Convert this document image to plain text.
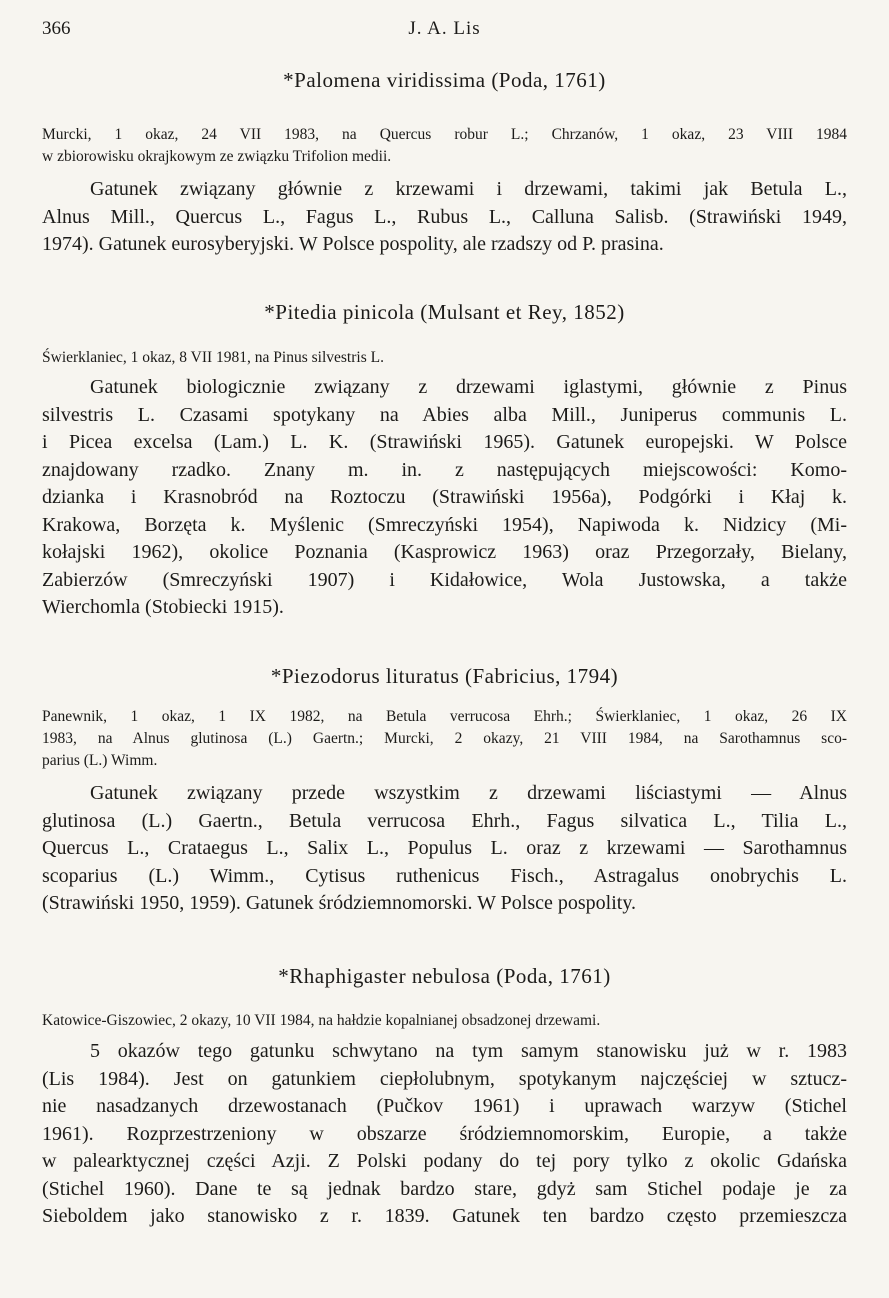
366	J. A. Lis
*Palomena viridissima (Poda, 1761)
Murcki, 1 okaz, 24 VII 1983, na Quercus robur L.; Chrzanów, 1 okaz, 23 VIII 1984
w zbiorowisku okrajkowym ze związku Trifolion medii.
Gatunek związany głównie z krzewami i drzewami, takimi jak Betula L.,
Alnus Mill., Quercus L., Fagus L., Rubus L., Calluna Salisb. (Strawiński 1949,
1974). Gatunek eurosyberyjski. W Polsce pospolity, ale rzadszy od P. prasina.
*Pitedia pinicola (Mulsant et Rey, 1852)
Świerklaniec, 1 okaz, 8 VII 1981, na Pinus silvestris L.
Gatunek biologicznie związany z drzewami iglastymi, głównie z Pinus
silvestris L. Czasami spotykany na Abies alba Mill., Juniperus communis L.
i Picea excelsa (Lam.) L. K. (Strawiński 1965). Gatunek europejski. W Polsce
znajdowany rzadko. Znany m. in. z następujących miejscowości: Komo-
dzianka i Krasnobród na Roztoczu (Strawiński 1956a), Podgórki i Kłaj k.
Krakowa, Borzęta k. Myślenic (Smreczyński 1954), Napiwoda k. Nidzicy (Mi-
kołajski 1962), okolice Poznania (Kasprowicz 1963) oraz Przegorzały, Bielany,
Zabierzów (Smreczyński 1907) i Kidałowice, Wola Justowska, a także
Wierchomla (Stobiecki 1915).
*Piezodorus lituratus (Fabricius, 1794)
Panewnik, 1 okaz, 1 IX 1982, na Betula verrucosa Ehrh.; Świerklaniec, 1 okaz, 26 IX
1983, na Alnus glutinosa (L.) Gaertn.; Murcki, 2 okazy, 21 VIII 1984, na Sarothamnus sco-
parius (L.) Wimm.
Gatunek związany przede wszystkim z drzewami liściastymi — Alnus
glutinosa (L.) Gaertn., Betula verrucosa Ehrh., Fagus silvatica L., Tilia L.,
Quercus L., Crataegus L., Salix L., Populus L. oraz z krzewami — Sarothamnus
scoparius (L.) Wimm., Cytisus ruthenicus Fisch., Astragalus onobrychis L.
(Strawiński 1950, 1959). Gatunek śródziemnomorski. W Polsce pospolity.
*Rhaphigaster nebulosa (Poda, 1761)
Katowice-Giszowiec, 2 okazy, 10 VII 1984, na hałdzie kopalnianej obsadzonej drzewami.
5 okazów tego gatunku schwytano na tym samym stanowisku już w r. 1983
(Lis 1984). Jest on gatunkiem ciepłolubnym, spotykanym najczęściej w sztucz-
nie nasadzanych drzewostanach (Pučkov 1961) i uprawach warzyw (Stichel
1961). Rozprzestrzeniony w obszarze śródziemnomorskim, Europie, a także
w palearktycznej części Azji. Z Polski podany do tej pory tylko z okolic Gdańska
(Stichel 1960). Dane te są jednak bardzo stare, gdyż sam Stichel podaje je za
Sieboldem jako stanowisko z r. 1839. Gatunek ten bardzo często przemieszcza
